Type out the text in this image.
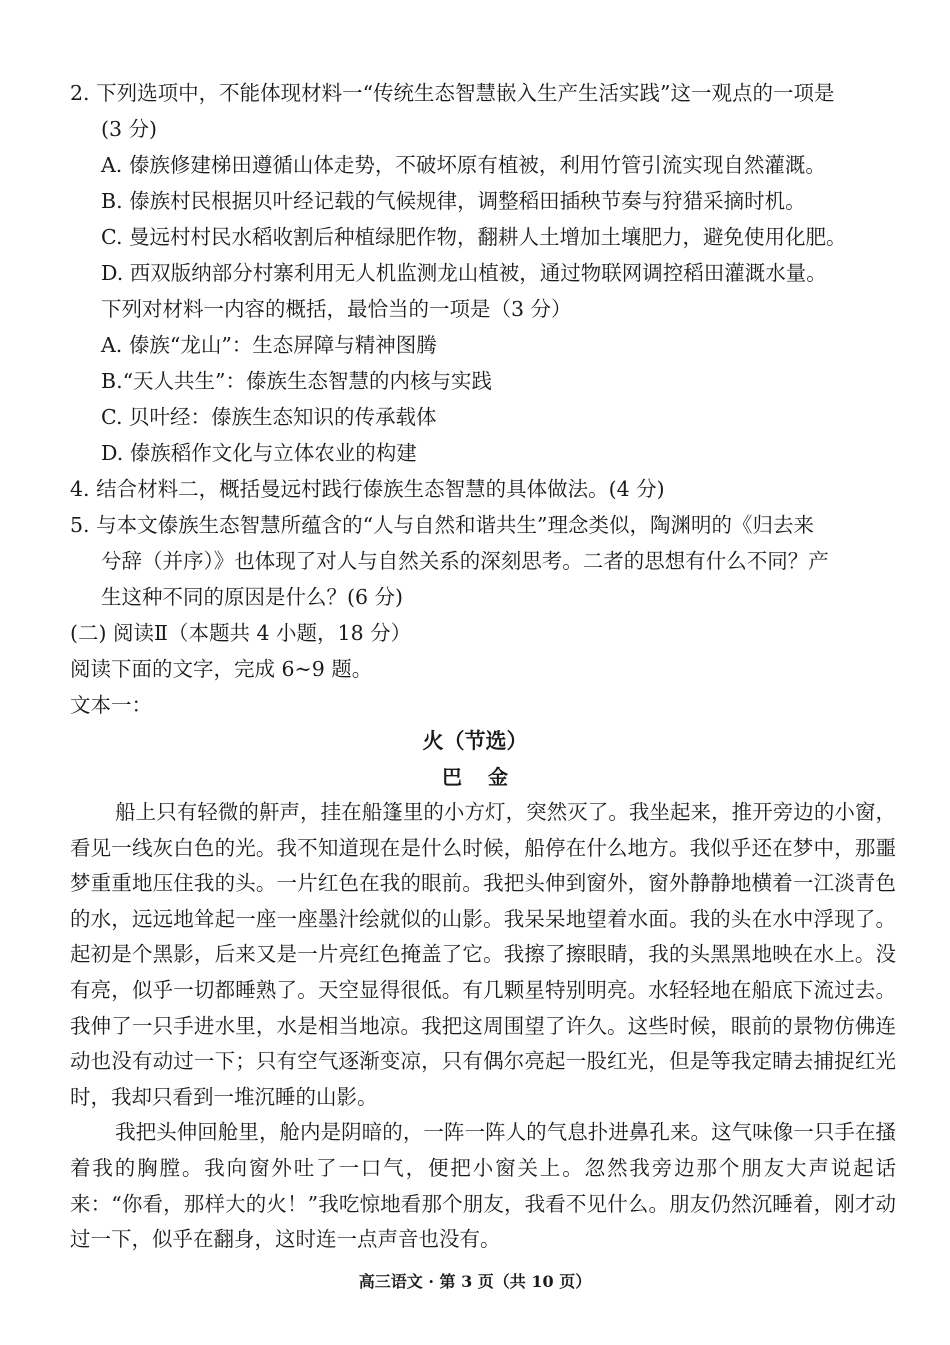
2. 下列选项中，不能体现材料一“传统生态智慧嵌入生产生活实践”这一观点的一项是
(3 分)
A. 傣族修建梯田遵循山体走势，不破坏原有植被，利用竹管引流实现自然灌溉。
B. 傣族村民根据贝叶经记载的气候规律，调整稻田插秧节奏与狩猎采摘时机。
C. 曼远村村民水稻收割后种植绿肥作物，翻耕人土增加土壤肥力，避免使用化肥。
D. 西双版纳部分村寨利用无人机监测龙山植被，通过物联网调控稻田灌溉水量。
下列对材料一内容的概括，最恰当的一项是（3 分）
A. 傣族“龙山”：生态屏障与精神图腾
B.“天人共生”：傣族生态智慧的内核与实践
C. 贝叶经：傣族生态知识的传承载体
D. 傣族稻作文化与立体农业的构建
4. 结合材料二，概括曼远村践行傣族生态智慧的具体做法。(4 分)
5. 与本文傣族生态智慧所蕴含的“人与自然和谐共生”理念类似，陶渊明的《归去来
兮辞（并序）》也体现了对人与自然关系的深刻思考。二者的思想有什么不同？产
生这种不同的原因是什么？(6 分)
(二) 阅读Ⅱ（本题共 4 小题，18 分）
阅读下面的文字，完成 6~9 题。
文本一：
火（节选）
巴金

船上只有轻微的鼾声，挂在船篷里的小方灯，突然灭了。我坐起来，推开旁边的小窗，看见一线灰白色的光。我不知道现在是什么时候，船停在什么地方。我似乎还在梦中，那噩梦重重地压住我的头。一片红色在我的眼前。我把头伸到窗外，窗外静静地横着一江淡青色的水，远远地耸起一座一座墨汁绘就似的山影。我呆呆地望着水面。我的头在水中浮现了。起初是个黑影，后来又是一片亮红色掩盖了它。我擦了擦眼睛，我的头黑黑地映在水上。没有亮，似乎一切都睡熟了。天空显得很低。有几颗星特别明亮。水轻轻地在船底下流过去。我伸了一只手进水里，水是相当地凉。我把这周围望了许久。这些时候，眼前的景物仿佛连动也没有动过一下；只有空气逐渐变凉，只有偶尔亮起一股红光，但是等我定睛去捕捉红光时，我却只看到一堆沉睡的山影。

我把头伸回舱里，舱内是阴暗的，一阵一阵人的气息扑进鼻孔来。这气味像一只手在搔着我的胸膛。我向窗外吐了一口气，便把小窗关上。忽然我旁边那个朋友大声说起话来：“你看，那样大的火！”我吃惊地看那个朋友，我看不见什么。朋友仍然沉睡着，刚才动过一下，似乎在翻身，这时连一点声音也没有。

高三语文 · 第 3 页（共 10 页）
